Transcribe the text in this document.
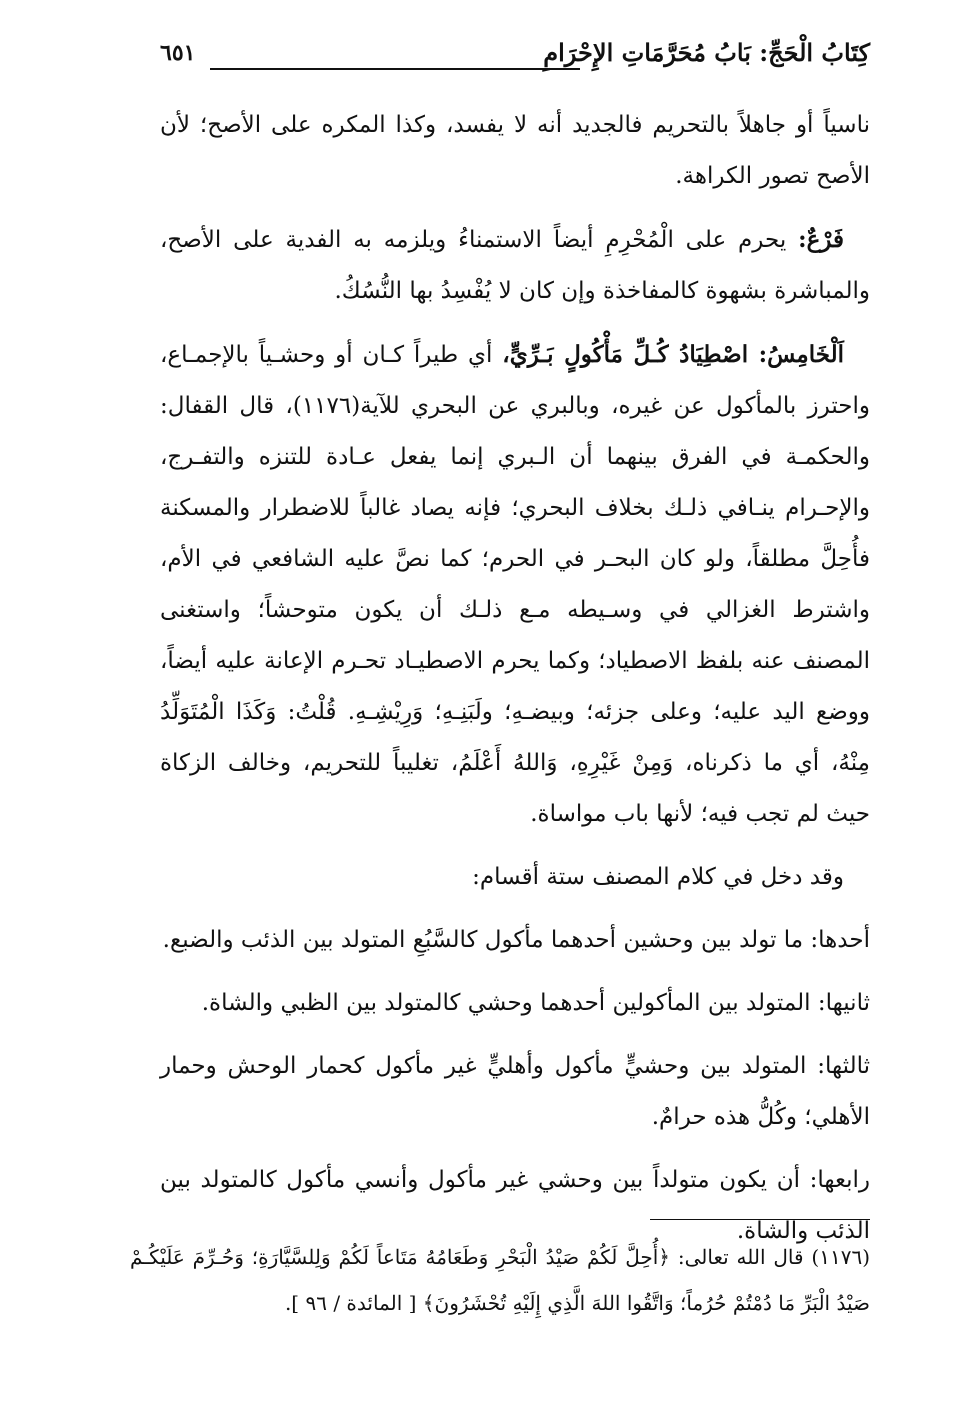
٦٥١	كِتَابُ الْحَجِّ: بَابُ مُحَرَّمَاتِ الإِحْرَامِ

ناسياً أو جاهلاً بالتحريم فالجديد أنه لا يفسد، وكذا المكره على الأصح؛ لأن الأصح تصور الكراهة.

فَرْعٌ: يحرم على الْمُحْرِمِ أيضاً الاستمناءُ ويلزمه به الفدية على الأصح، والمباشرة بشهوة كالمفاخذة وإن كان لا يُفْسِدُ بها النُّسُكُ.

اَلْخَامِسُ: اصْطِيَادُ كُـلِّ مَأْكُولٍ بَـرِّيٍّ، أي طيراً كـان أو وحشـياً بالإجمـاع، واحترز بالمأكول عن غيره، وبالبري عن البحري للآية(١١٧٦)، قال القفال: والحكمـة في الفرق بينهما أن الـبري إنما يفعل عـادة للتنزه والتفـرج، والإحـرام ينـافي ذلـك بخلاف البحري؛ فإنه يصاد غالباً للاضطرار والمسكنة فأُحِلَّ مطلقاً، ولو كان البحـر في الحرم؛ كما نصَّ عليه الشافعي في الأم، واشترط الغزالي في وسـيطه مـع ذلـك أن يكون متوحشاً؛ واستغنى المصنف عنه بلفظ الاصطياد؛ وكما يحرم الاصطيـاد تحـرم الإعانة عليه أيضاً، ووضع اليد عليه؛ وعلى جزئه؛ وبيضـهِ؛ ولَبَنِـهِ؛ وَرِيْشِـهِ. قُلْتُ: وَكَذَا الْمُتَوَلِّدُ مِنْهُ، أي ما ذكرناه، وَمِنْ غَيْرِهِ، وَاللهُ أَعْلَمُ، تغليباً للتحريم، وخالف الزكاة حيث لم تجب فيه؛ لأنها باب مواساة.

وقد دخل في كلام المصنف ستة أقسام:

أحدها: ما تولد بين وحشين أحدهما مأكول كالسَّبُعِ المتولد بين الذئب والضبع.

ثانيها: المتولد بين المأكولين أحدهما وحشي كالمتولد بين الظبي والشاة.

ثالثها: المتولد بين وحشيٍّ مأكول وأهليٍّ غير مأكول كحمار الوحش وحمار الأهلي؛ وكُلُّ هذه حرامٌ.

رابعها: أن يكون متولداً بين وحشي غير مأكول وأنسي مأكول كالمتولد بين الذئب والشاة.

(١١٧٦) قال الله تعالى: ﴿أُحِلَّ لَكُمْ صَيْدُ الْبَحْرِ وَطَعَامُهُ مَتَاعاً لَكُمْ وَلِلسَّيَّارَةِ؛ وَحُـرِّمَ عَلَيْكُـمْ صَيْدُ الْبَرِّ مَا دُمْتُمْ حُرُماً؛ وَاتَّقُوا اللهَ الَّذِي إِلَيْهِ تُحْشَرُونَ﴾ [ المائدة / ٩٦ ].
